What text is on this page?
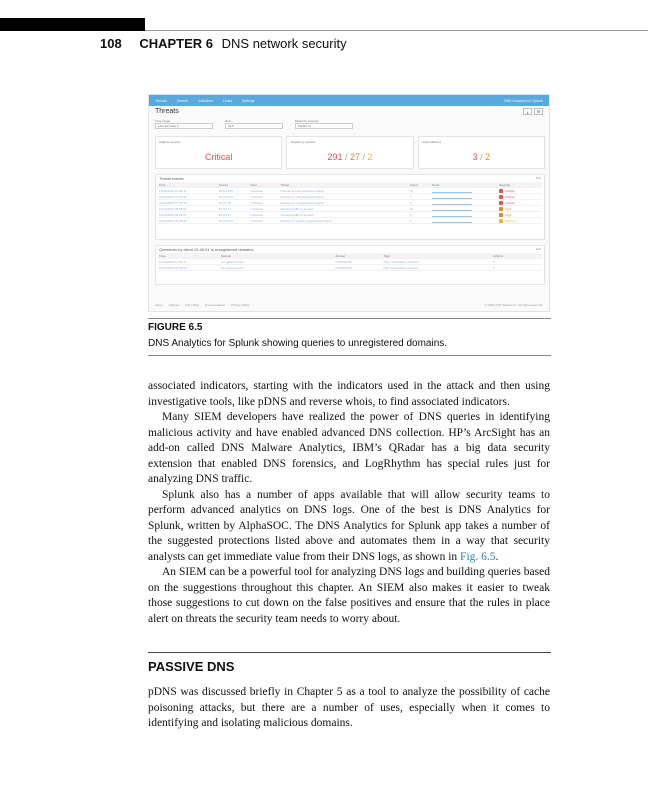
108 CHAPTER 6 DNS network security
Threats	Search	Indicators	Hosts	Settings	DNS Analytics for Splunk
Threats	⤓	⚙
Time range
Last 24 hours ▾
Host
All ▾
Minimum severity
Medium ▾
Highest severity
Critical
Threats by severity
291 / 27 / 2
Hosts affected
3 / 2
Threat events	Edit
Time	Source	Dest	Threat	Count	Trend	Severity
12/14/2016 10:05:11	10.0.0.103	Unknown	Queries to unregistered domains	73	Critical
12/14/2016 10:04:38	10.0.0.121	Unknown	Queries to unregistered domains	7	Critical
12/14/2016 10:03:15	10.0.0.96	Unknown	Queries to unregistered domains	2	Critical
12/14/2016 09:58:02	10.0.0.17	Unknown	Unusual traffic to domain	24	High
12/14/2016 09:41:27	10.0.0.5	Unknown	Unusual traffic to domain	1	High
12/14/2016 09:32:50	10.0.0.131	Unknown	Queries to recently registered domains	1	Medium
Questions by client 10.48.91 to unregistered domains	Edit
Time	Domain	Answer	Tags	Actions
12/14/2016 10:05:11	unregistered.com	NXDOMAIN	dga, unregistered_domain	▾
12/14/2016 10:04:58	unregistered.com	NXDOMAIN	dga, unregistered_domain	▾
About Support File a Bug Documentation Privacy Policy	© 2005-2017 Splunk Inc. All rights reserved.
FIGURE 6.5
DNS Analytics for Splunk showing queries to unregistered domains.

associated indicators, starting with the indicators used in the attack and then using investigative tools, like pDNS and reverse whois, to find associated indicators.

Many SIEM developers have realized the power of DNS queries in identifying malicious activity and have enabled advanced DNS collection. HP’s ArcSight has an add-on called DNS Malware Analytics, IBM’s QRadar has a big data security extension that enabled DNS forensics, and LogRhythm has special rules just for analyzing DNS traffic.

Splunk also has a number of apps available that will allow security teams to perform advanced analytics on DNS logs. One of the best is DNS Analytics for Splunk, written by AlphaSOC. The DNS Analytics for Splunk app takes a number of the suggested protections listed above and automates them in a way that security analysts can get immediate value from their DNS logs, as shown in Fig. 6.5.

An SIEM can be a powerful tool for analyzing DNS logs and building queries based on the suggestions throughout this chapter. An SIEM also makes it easier to tweak those suggestions to cut down on the false positives and ensure that the rules in place alert on threats the security team needs to worry about.

PASSIVE DNS
pDNS was discussed briefly in Chapter 5 as a tool to analyze the possibility of cache poisoning attacks, but there are a number of uses, especially when it comes to identifying and isolating malicious domains.
